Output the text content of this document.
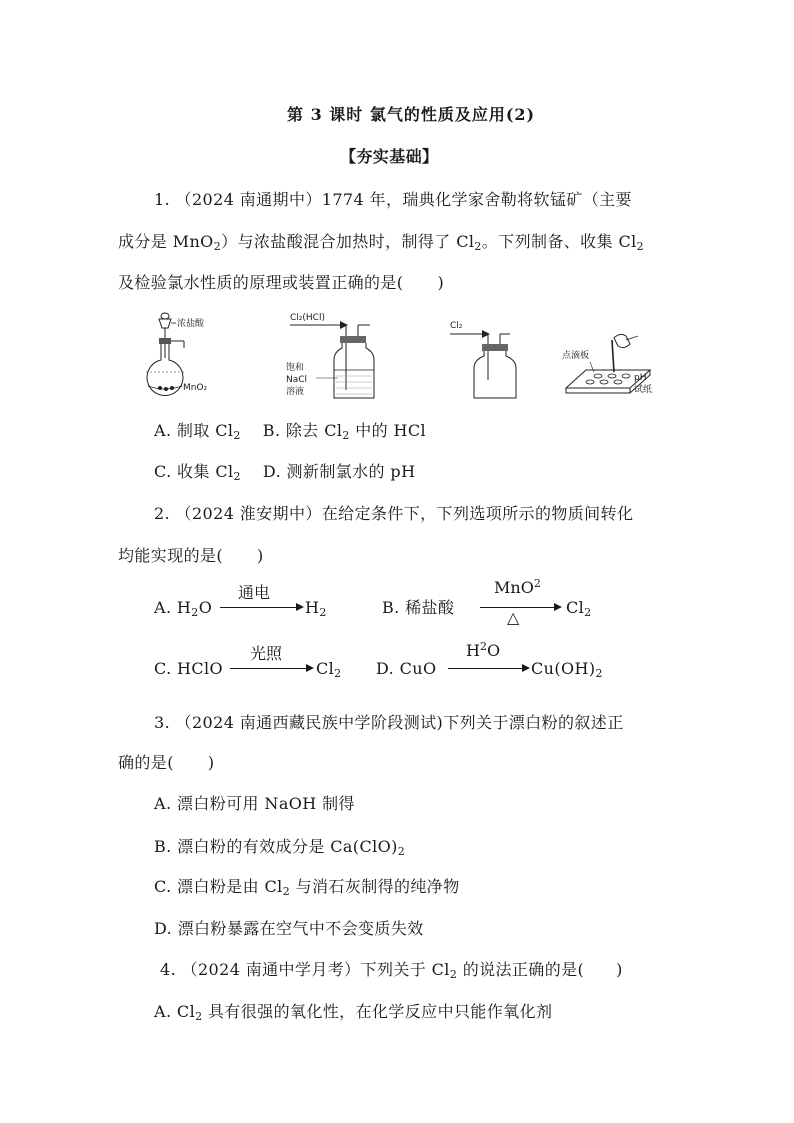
第 3 课时 氯气的性质及应用(2)
【夯实基础】
1. （2024 南通期中）1774 年，瑞典化学家舍勒将软锰矿（主要
成分是 MnO$_2$）与浓盐酸混合加热时，制得了 $Cl_2$。下列制备、收集 $Cl_2$
及检验氯水性质的原理或装置正确的是( )
浓盐酸
MnO₂
Cl₂(HCl)
饱和
NaCl
溶液
Cl₂
点滴板
pH
试纸
A. 制取 $Cl_2$ B. 除去 $Cl_2$ 中的 HCl
C. 收集 $Cl_2$ D. 测新制氯水的 pH
2. （2024 淮安期中）在给定条件下，下列选项所示的物质间转化
均能实现的是( )
A. $H_2O$
通电
$H_2$	B. 稀盐酸
MnO$^2$
△
$Cl_2$
C. HClO
光照
$Cl_2$ D. CuO
$H^2O$
$Cu(OH)_2$
3. （2024 南通西藏民族中学阶段测试)下列关于漂白粉的叙述正
确的是( )
A. 漂白粉可用 NaOH 制得
B. 漂白粉的有效成分是 $Ca(ClO)_2$
C. 漂白粉是由 $Cl_2$ 与消石灰制得的纯净物
D. 漂白粉暴露在空气中不会变质失效
4. （2024 南通中学月考）下列关于 $Cl_2$ 的说法正确的是( )
A. $Cl_2$ 具有很强的氧化性，在化学反应中只能作氧化剂
